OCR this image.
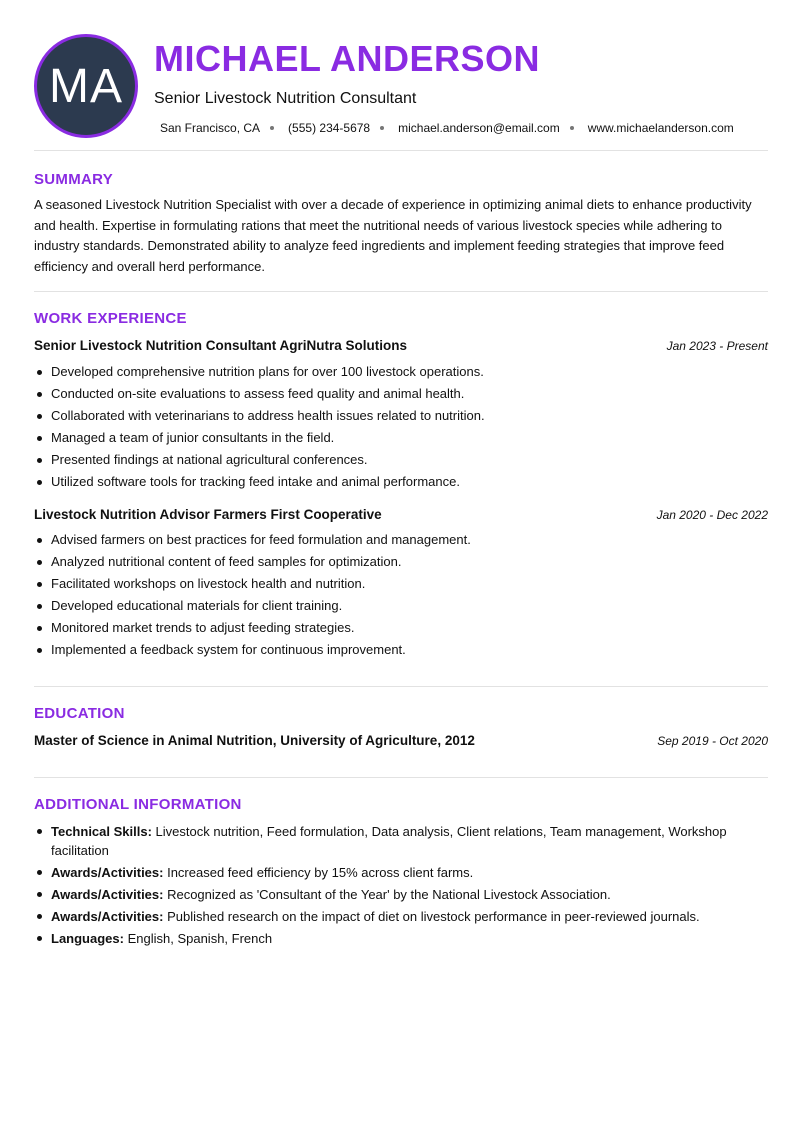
MA
MICHAEL ANDERSON
Senior Livestock Nutrition Consultant
San Francisco, CA (555) 234-5678 michael.anderson@email.com www.michaelanderson.com
SUMMARY
A seasoned Livestock Nutrition Specialist with over a decade of experience in optimizing animal diets to enhance productivity and health. Expertise in formulating rations that meet the nutritional needs of various livestock species while adhering to industry standards. Demonstrated ability to analyze feed ingredients and implement feeding strategies that improve feed efficiency and overall herd performance.
WORK EXPERIENCE
Senior Livestock Nutrition Consultant AgriNutra Solutions	Jan 2023 - Present
Developed comprehensive nutrition plans for over 100 livestock operations.
Conducted on-site evaluations to assess feed quality and animal health.
Collaborated with veterinarians to address health issues related to nutrition.
Managed a team of junior consultants in the field.
Presented findings at national agricultural conferences.
Utilized software tools for tracking feed intake and animal performance.
Livestock Nutrition Advisor Farmers First Cooperative	Jan 2020 - Dec 2022
Advised farmers on best practices for feed formulation and management.
Analyzed nutritional content of feed samples for optimization.
Facilitated workshops on livestock health and nutrition.
Developed educational materials for client training.
Monitored market trends to adjust feeding strategies.
Implemented a feedback system for continuous improvement.
EDUCATION
Master of Science in Animal Nutrition, University of Agriculture, 2012	Sep 2019 - Oct 2020
ADDITIONAL INFORMATION
Technical Skills: Livestock nutrition, Feed formulation, Data analysis, Client relations, Team management, Workshop facilitation
Awards/Activities: Increased feed efficiency by 15% across client farms.
Awards/Activities: Recognized as 'Consultant of the Year' by the National Livestock Association.
Awards/Activities: Published research on the impact of diet on livestock performance in peer-reviewed journals.
Languages: English, Spanish, French
